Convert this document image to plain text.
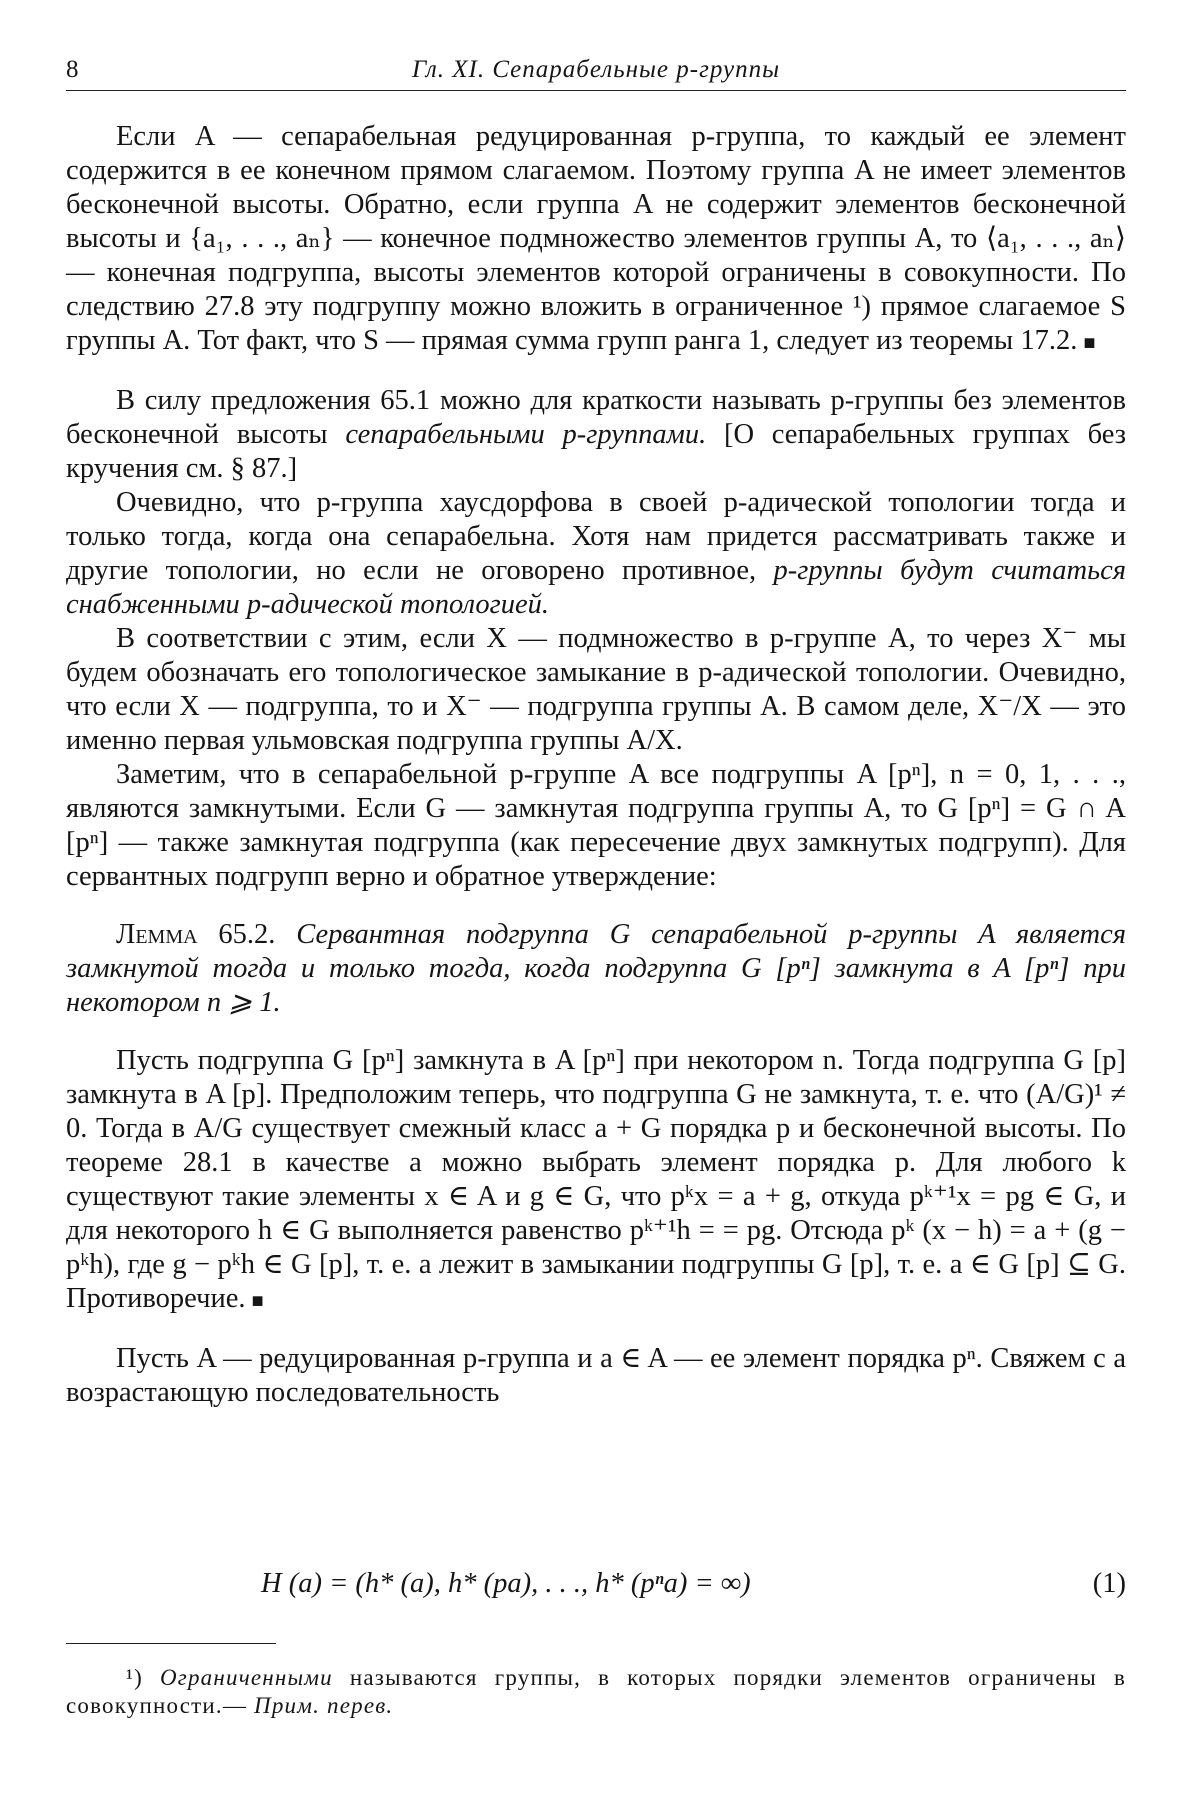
8	Гл. XI. Сепарабельные p-группы

Если A — сепарабельная редуцированная p-группа, то каждый ее элемент содержится в ее конечном прямом слагаемом. Поэтому группа A не имеет элементов бесконечной высоты. Обратно, если группа A не содержит элементов бесконечной высоты и {a₁, . . ., aₙ} — конечное подмножество элементов группы A, то ⟨a₁, . . ., aₙ⟩ — конечная подгруппа, высоты элементов которой ограничены в совокупности. По следствию 27.8 эту подгруппу можно вложить в ограниченное ¹) прямое слагаемое S группы A. Тот факт, что S — прямая сумма групп ранга 1, следует из теоремы 17.2. ■

В силу предложения 65.1 можно для краткости называть p-группы без элементов бесконечной высоты сепарабельными p-группами. [О сепарабельных группах без кручения см. § 87.]

Очевидно, что p-группа хаусдорфова в своей p-адической топологии тогда и только тогда, когда она сепарабельна. Хотя нам придется рассматривать также и другие топологии, но если не оговорено противное, p-группы будут считаться снабженными p-адической топологией.

В соответствии с этим, если X — подмножество в p-группе A, то через X⁻ мы будем обозначать его топологическое замыкание в p-адической топологии. Очевидно, что если X — подгруппа, то и X⁻ — подгруппа группы A. В самом деле, X⁻/X — это именно первая ульмовская подгруппа группы A/X.

Заметим, что в сепарабельной p-группе A все подгруппы A [pⁿ], n = 0, 1, . . ., являются замкнутыми. Если G — замкнутая подгруппа группы A, то G [pⁿ] = G ∩ A [pⁿ] — также замкнутая подгруппа (как пересечение двух замкнутых подгрупп). Для сервантных подгрупп верно и обратное утверждение:

Лемма 65.2. Сервантная подгруппа G сепарабельной p-группы A является замкнутой тогда и только тогда, когда подгруппа G [pⁿ] замкнута в A [pⁿ] при некотором n ⩾ 1.

Пусть подгруппа G [pⁿ] замкнута в A [pⁿ] при некотором n. Тогда подгруппа G [p] замкнута в A [p]. Предположим теперь, что подгруппа G не замкнута, т. е. что (A/G)¹ ≠ 0. Тогда в A/G существует смежный класс a + G порядка p и бесконечной высоты. По теореме 28.1 в качестве a можно выбрать элемент порядка p. Для любого k существуют такие элементы x ∈ A и g ∈ G, что pᵏx = a + g, откуда pᵏ⁺¹x = pg ∈ G, и для некоторого h ∈ G выполняется равенство pᵏ⁺¹h = = pg. Отсюда pᵏ (x − h) = a + (g − pᵏh), где g − pᵏh ∈ G [p], т. е. a лежит в замыкании подгруппы G [p], т. е. a ∈ G [p] ⊆ G. Противоречие. ■

Пусть A — редуцированная p-группа и a ∈ A — ее элемент порядка pⁿ. Свяжем с a возрастающую последовательность

H (a) = (h* (a), h* (pa), . . ., h* (pⁿa) = ∞)	(1)
¹) Ограниченными называются группы, в которых порядки элементов ограничены в совокупности.— Прим. перев.
